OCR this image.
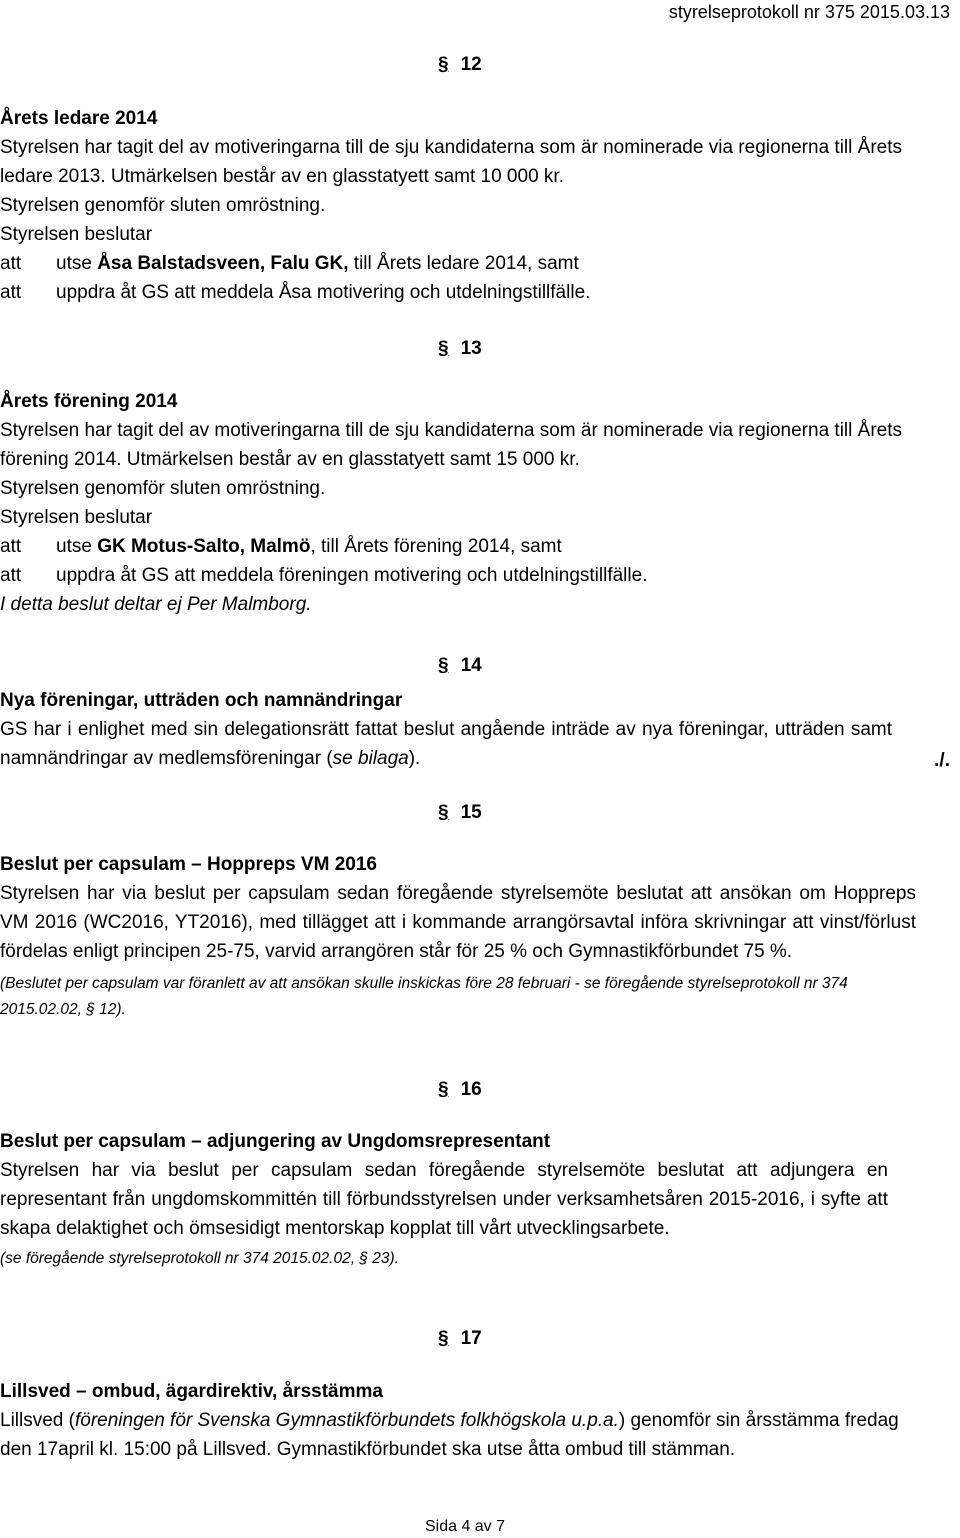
styrelseprotokoll nr 375 2015.03.13
§ 12
Årets ledare 2014
Styrelsen har tagit del av motiveringarna till de sju kandidaterna som är nominerade via regionerna till Årets ledare 2013. Utmärkelsen består av en glasstatyett samt 10 000 kr.
Styrelsen genomför sluten omröstning.
Styrelsen beslutar
att	utse Åsa Balstadsveen, Falu GK, till Årets ledare 2014, samt
att	uppdra åt GS att meddela Åsa motivering och utdelningstillfälle.
§ 13
Årets förening 2014
Styrelsen har tagit del av motiveringarna till de sju kandidaterna som är nominerade via regionerna till Årets förening 2014. Utmärkelsen består av en glasstatyett samt 15 000 kr.
Styrelsen genomför sluten omröstning.
Styrelsen beslutar
att	utse GK Motus-Salto, Malmö, till Årets förening 2014, samt
att	uppdra åt GS att meddela föreningen motivering och utdelningstillfälle.
I detta beslut deltar ej Per Malmborg.
§ 14
Nya föreningar, utträden och namnändringar
GS har i enlighet med sin delegationsrätt fattat beslut angående inträde av nya föreningar, utträden samt namnändringar av medlemsföreningar (se bilaga).	./.
§ 15
Beslut per capsulam – Hoppreps VM 2016
Styrelsen har via beslut per capsulam sedan föregående styrelsemöte beslutat att ansökan om Hoppreps VM 2016 (WC2016, YT2016), med tillägget att i kommande arrangörsavtal införa skrivningar att vinst/förlust fördelas enligt principen 25-75, varvid arrangören står för 25 % och Gymnastikförbundet 75 %.
(Beslutet per capsulam var föranlett av att ansökan skulle inskickas före 28 februari - se föregående styrelseprotokoll nr 374 2015.02.02, § 12).
§ 16
Beslut per capsulam – adjungering av Ungdomsrepresentant
Styrelsen har via beslut per capsulam sedan föregående styrelsemöte beslutat att adjungera en representant från ungdomskommittén till förbundsstyrelsen under verksamhetsåren 2015-2016, i syfte att skapa delaktighet och ömsesidigt mentorskap kopplat till vårt utvecklingsarbete.
(se föregående styrelseprotokoll nr 374 2015.02.02, § 23).
§ 17
Lillsved – ombud, ägardirektiv, årsstämma
Lillsved (föreningen för Svenska Gymnastikförbundets folkhögskola u.p.a.) genomför sin årsstämma fredag den 17april kl. 15:00 på Lillsved. Gymnastikförbundet ska utse åtta ombud till stämman.
Sida 4 av 7
